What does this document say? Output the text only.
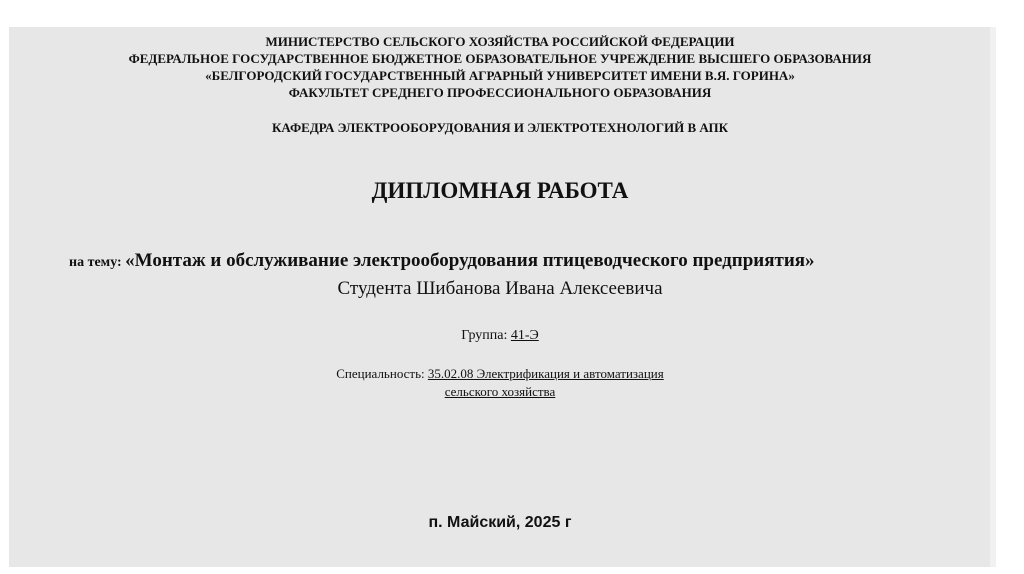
МИНИСТЕРСТВО СЕЛЬСКОГО ХОЗЯЙСТВА РОССИЙСКОЙ ФЕДЕРАЦИИ
ФЕДЕРАЛЬНОЕ ГОСУДАРСТВЕННОЕ БЮДЖЕТНОЕ ОБРАЗОВАТЕЛЬНОЕ УЧРЕЖДЕНИЕ ВЫСШЕГО ОБРАЗОВАНИЯ
«БЕЛГОРОДСКИЙ ГОСУДАРСТВЕННЫЙ АГРАРНЫЙ УНИВЕРСИТЕТ ИМЕНИ В.Я. ГОРИНА»
ФАКУЛЬТЕТ СРЕДНЕГО ПРОФЕССИОНАЛЬНОГО ОБРАЗОВАНИЯ
КАФЕДРА ЭЛЕКТРООБОРУДОВАНИЯ И ЭЛЕКТРОТЕХНОЛОГИЙ В АПК
ДИПЛОМНАЯ РАБОТА
на тему: «Монтаж и обслуживание электрооборудования птицеводческого предприятия»
Студента Шибанова Ивана Алексеевича
Группа: 41-Э
Специальность: 35.02.08 Электрификация и автоматизация
сельского хозяйства
п. Майский, 2025 г
